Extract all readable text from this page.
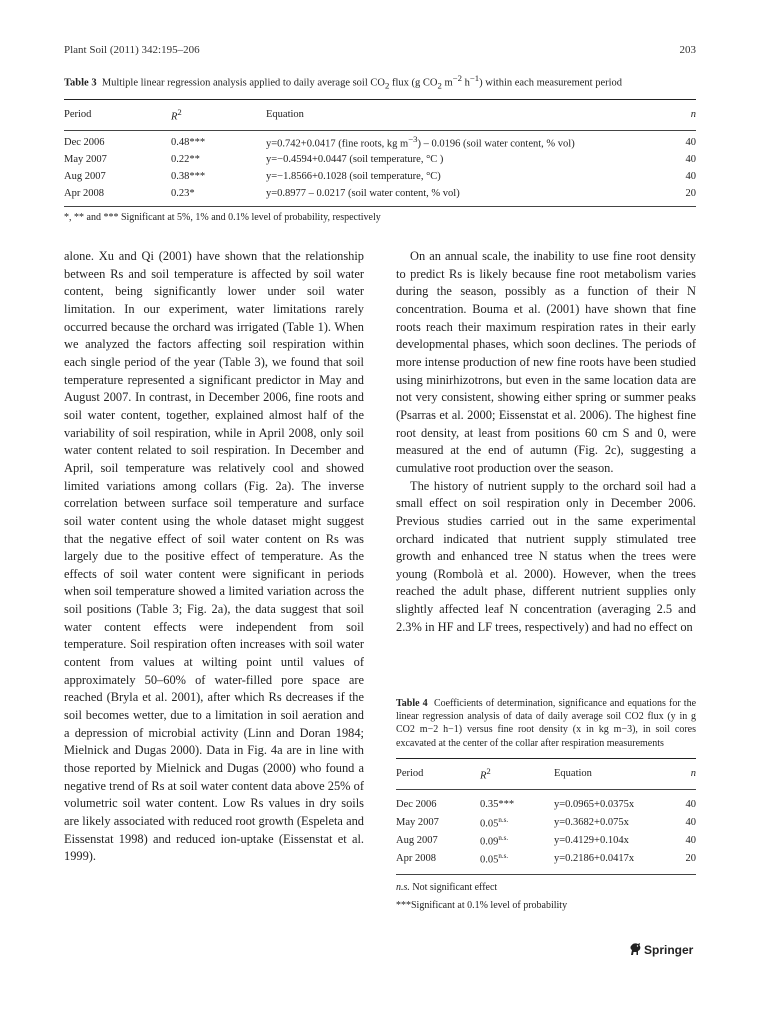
Plant Soil (2011) 342:195–206	203

Table 3 Multiple linear regression analysis applied to daily average soil $CO_2$ flux (g $CO_2$ $m^{-2}$ $h^{-1}$) within each measurement period

Period	$R^2$	Equation	n
Dec 2006	0.48***	y=0.742+0.0417 (fine roots, kg $m^{-3}) - 0.0196$ (soil water content, % vol)	40
May 2007	0.22**	y=−0.4594+0.0447 (soil temperature, °C )	40
Aug 2007	0.38***	y=−1.8566+0.1028 (soil temperature, °C)	40
Apr 2008	0.23*	y=0.8977 – 0.0217 (soil water content, % vol)	20
*, ** and *** Significant at 5%, 1% and 0.1% level of probability, respectively

alone. Xu and Qi (2001) have shown that the relationship between Rs and soil temperature is affected by soil water content, being significantly lower under soil water limitation. In our experiment, water limitations rarely occurred because the orchard was irrigated (Table 1). When we analyzed the factors affecting soil respiration within each single period of the year (Table 3), we found that soil temperature represented a significant predictor in May and August 2007. In contrast, in December 2006, fine roots and soil water content, together, explained almost half of the variability of soil respiration, while in April 2008, only soil water content related to soil respiration. In December and April, soil temperature was relatively cool and showed limited variations among collars (Fig. 2a). The inverse correlation between surface soil temperature and surface soil water content using the whole dataset might suggest that the negative effect of soil water content on Rs was largely due to the positive effect of temperature. As the effects of soil water content were significant in periods when soil temperature showed a limited variation across the soil positions (Table 3; Fig. 2a), the data suggest that soil water content effects were independent from soil temperature. Soil respiration often increases with soil water content from values at wilting point until values of approximately 50–60% of water-filled pore space are reached (Bryla et al. 2001), after which Rs decreases if the soil becomes wetter, due to a limitation in soil aeration and a depression of microbial activity (Linn and Doran 1984; Mielnick and Dugas 2000). Data in Fig. 4a are in line with those reported by Mielnick and Dugas (2000) who found a negative trend of Rs at soil water content data above 25% of volumetric soil water content. Low Rs values in dry soils are likely associated with reduced root growth (Espeleta and Eissenstat 1998) and reduced ion-uptake (Eissenstat et al. 1999).

On an annual scale, the inability to use fine root density to predict Rs is likely because fine root metabolism varies during the season, possibly as a function of their N concentration. Bouma et al. (2001) have shown that fine roots reach their maximum respiration rates in their early developmental phases, which soon declines. The periods of more intense production of new fine roots have been studied using minirhizotrons, but even in the same location data are not very consistent, showing either spring or summer peaks (Psarras et al. 2000; Eissenstat et al. 2006). The highest fine root density, at least from positions 60 cm S and 0, were measured at the end of autumn (Fig. 2c), suggesting a cumulative root production over the season.

The history of nutrient supply to the orchard soil had a small effect on soil respiration only in December 2006. Previous studies carried out in the same experimental orchard indicated that nutrient supply stimulated tree growth and enhanced tree N status when the trees were young (Rombolà et al. 2000). However, when the trees reached the adult phase, different nutrient supplies only slightly affected leaf N concentration (averaging 2.5 and 2.3% in HF and LF trees, respectively) and had no effect on

Table 4 Coefficients of determination, significance and equations for the linear regression analysis of data of daily average soil CO2 flux (y in g CO2 m−2 h−1) versus fine root density (x in kg m−3), in soil cores excavated at the center of the collar after respiration measurements

Period	$R^2$	Equation	n
Dec 2006	0.35***	y=0.0965+0.0375x	40
May 2007	$0.05^{n.s.}$	y=0.3682+0.075x	40
Aug 2007	$0.09^{n.s.}$	y=0.4129+0.104x	40
Apr 2008	$0.05^{n.s.}$	y=0.2186+0.0417x	20
n.s. Not significant effect
***Significant at 0.1% level of probability
Springer
